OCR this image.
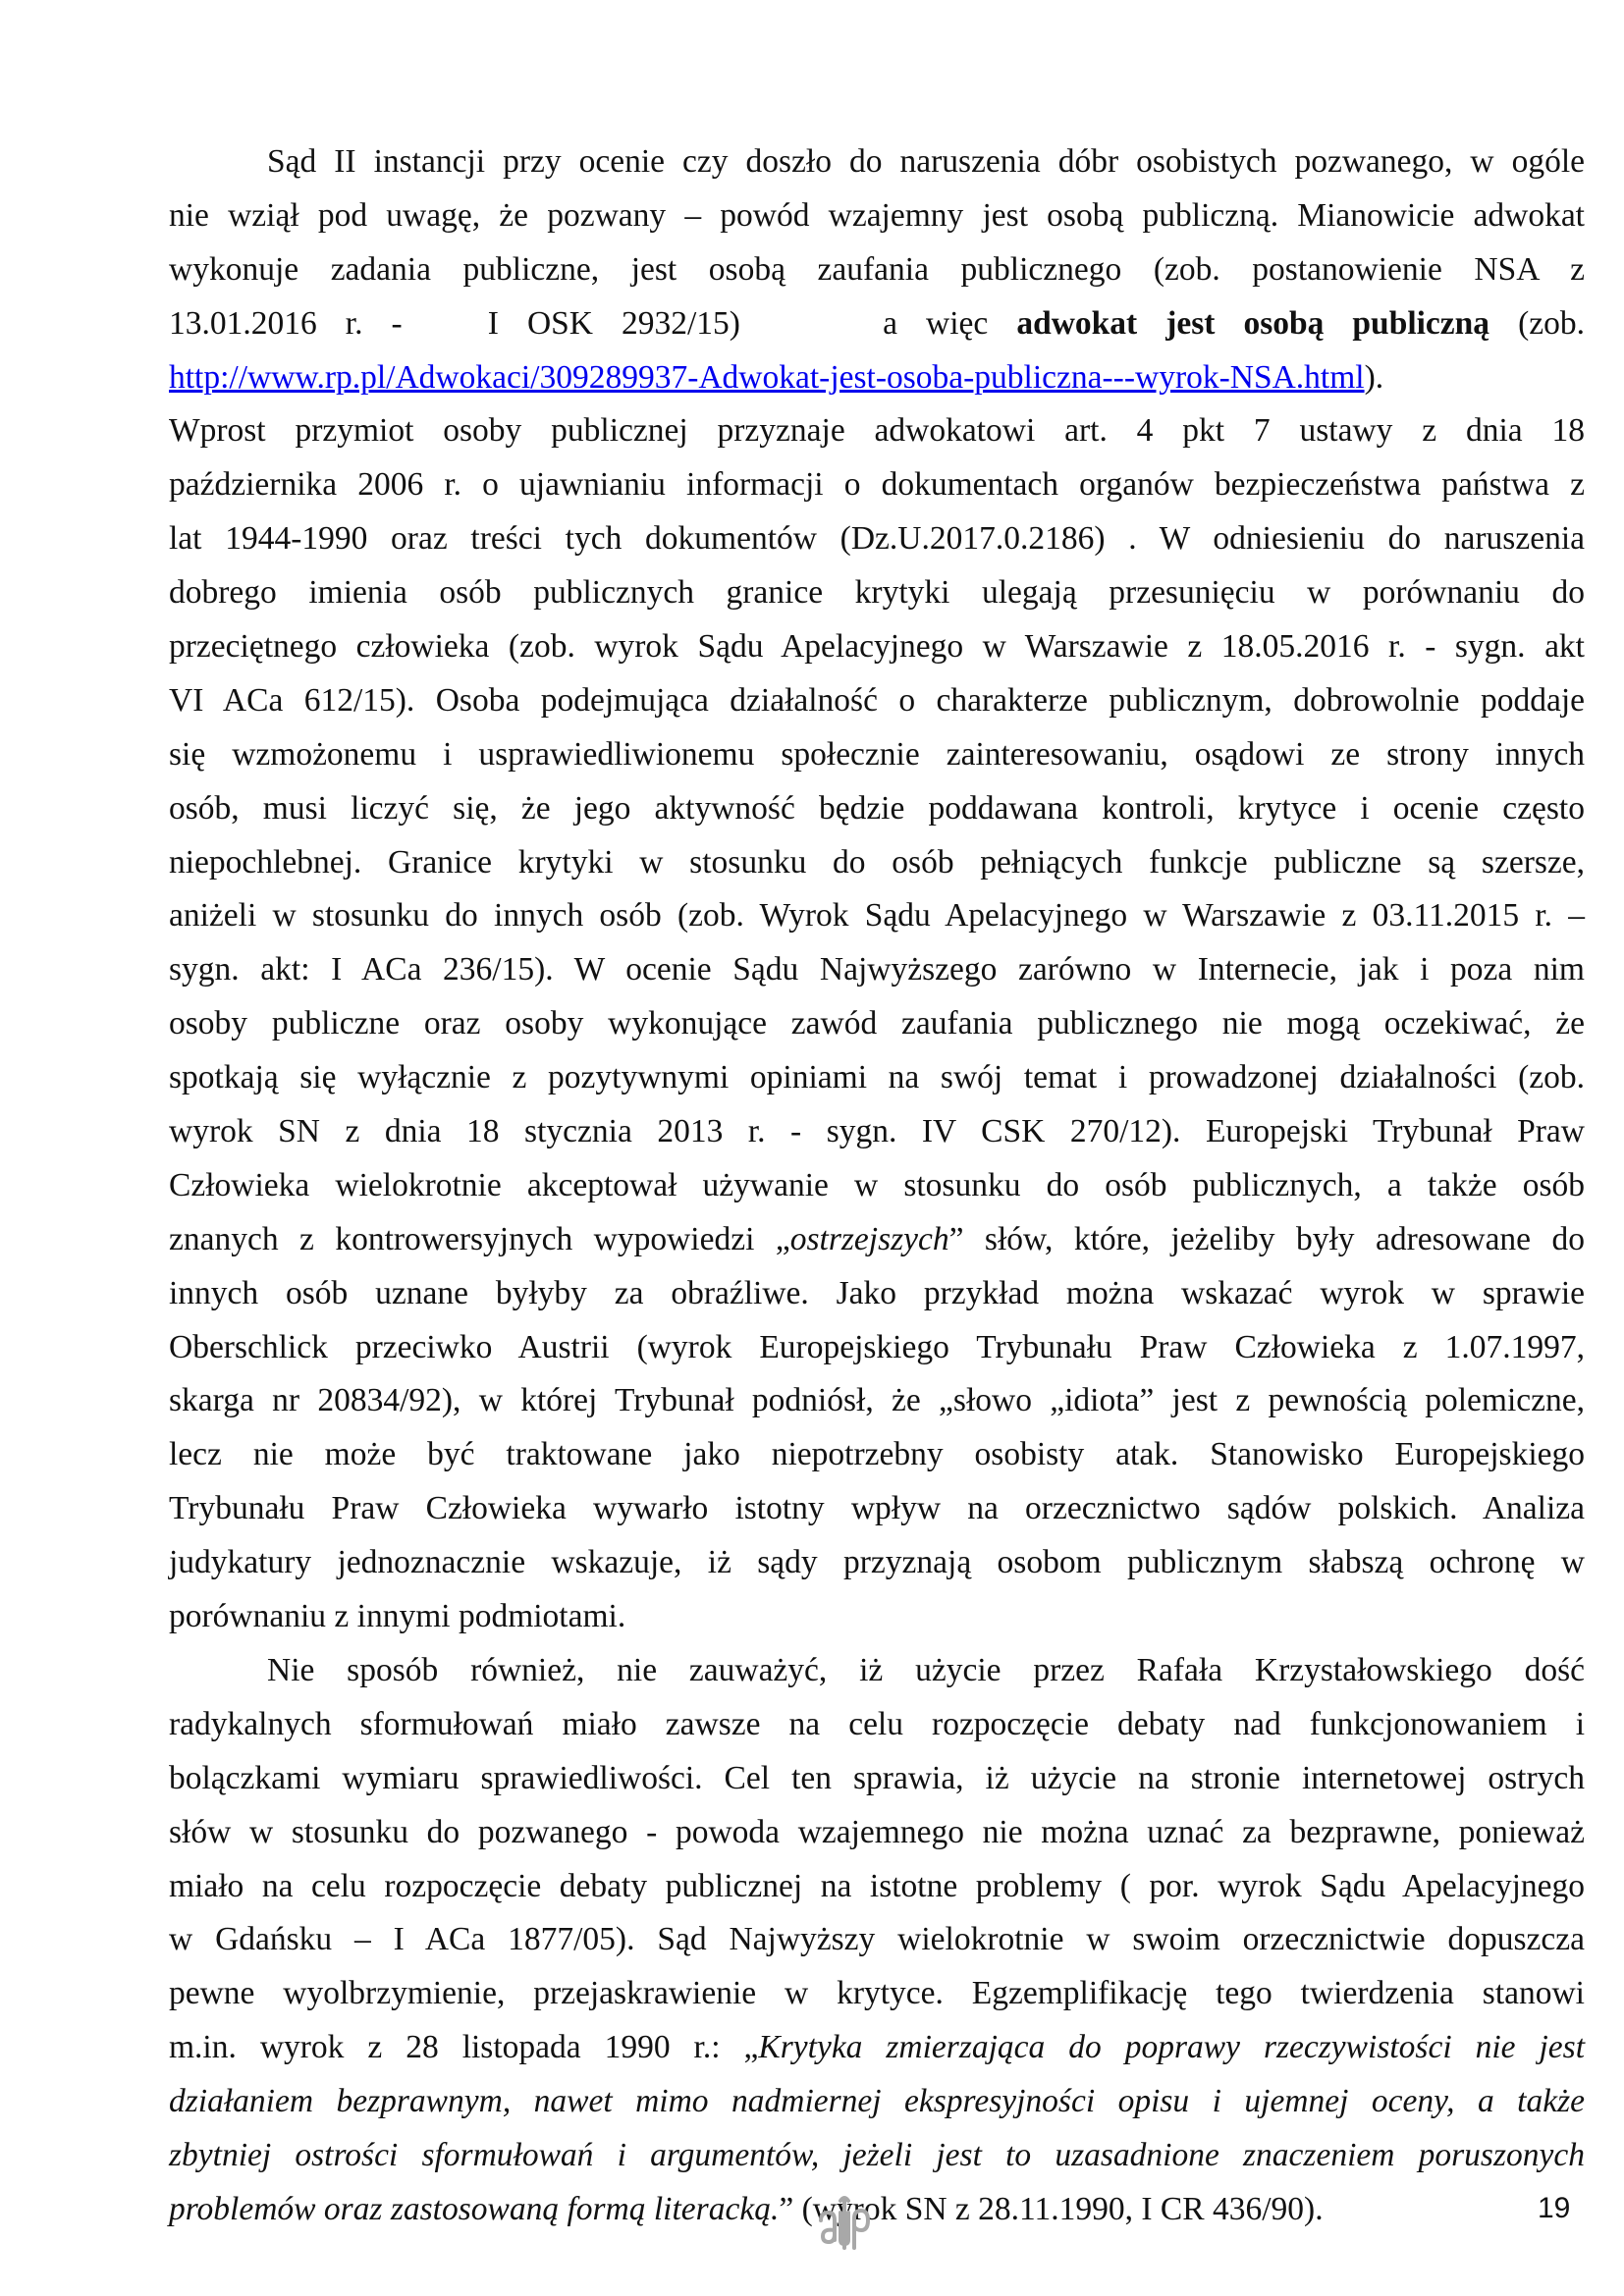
Sąd II instancji przy ocenie czy doszło do naruszenia dóbr osobistych pozwanego, w ogóle
nie wziął pod uwagę, że pozwany – powód wzajemny jest osobą publiczną. Mianowicie adwokat
wykonuje zadania publiczne, jest osobą zaufania publicznego (zob. postanowienie NSA z
13.01.2016 r. -   I OSK 2932/15)     a więc adwokat jest osobą publiczną (zob.
http://www.rp.pl/Adwokaci/309289937-Adwokat-jest-osoba-publiczna---wyrok-NSA.html).
Wprost przymiot osoby publicznej przyznaje adwokatowi art. 4 pkt 7 ustawy z dnia 18
października 2006 r. o ujawnianiu informacji o dokumentach organów bezpieczeństwa państwa z
lat 1944-1990 oraz treści tych dokumentów (Dz.U.2017.0.2186) . W odniesieniu do naruszenia
dobrego imienia osób publicznych granice krytyki ulegają przesunięciu w porównaniu do
przeciętnego człowieka (zob. wyrok Sądu Apelacyjnego w Warszawie z 18.05.2016 r. - sygn. akt
VI ACa 612/15). Osoba podejmująca działalność o charakterze publicznym, dobrowolnie poddaje
się wzmożonemu i usprawiedliwionemu społecznie zainteresowaniu, osądowi ze strony innych
osób, musi liczyć się, że jego aktywność będzie poddawana kontroli, krytyce i ocenie często
niepochlebnej. Granice krytyki w stosunku do osób pełniących funkcje publiczne są szersze,
aniżeli w stosunku do innych osób (zob. Wyrok Sądu Apelacyjnego w Warszawie z 03.11.2015 r. –
sygn. akt: I ACa 236/15). W ocenie Sądu Najwyższego zarówno w Internecie, jak i poza nim
osoby publiczne oraz osoby wykonujące zawód zaufania publicznego nie mogą oczekiwać, że
spotkają się wyłącznie z pozytywnymi opiniami na swój temat i prowadzonej działalności (zob.
wyrok SN z dnia 18 stycznia 2013 r. - sygn. IV CSK 270/12). Europejski Trybunał Praw
Człowieka wielokrotnie akceptował używanie w stosunku do osób publicznych, a także osób
znanych z kontrowersyjnych wypowiedzi „ostrzejszych” słów, które, jeżeliby były adresowane do
innych osób uznane byłyby za obraźliwe. Jako przykład można wskazać wyrok w sprawie
Oberschlick przeciwko Austrii (wyrok Europejskiego Trybunału Praw Człowieka z 1.07.1997,
skarga nr 20834/92), w której Trybunał podniósł, że „słowo „idiota” jest z pewnością polemiczne,
lecz nie może być traktowane jako niepotrzebny osobisty atak. Stanowisko Europejskiego
Trybunału Praw Człowieka wywarło istotny wpływ na orzecznictwo sądów polskich. Analiza
judykatury jednoznacznie wskazuje, iż sądy przyznają osobom publicznym słabszą ochronę w
porównaniu z innymi podmiotami.
Nie sposób również, nie zauważyć, iż użycie przez Rafała Krzystałowskiego dość
radykalnych sformułowań miało zawsze na celu rozpoczęcie debaty nad funkcjonowaniem i
bolączkami wymiaru sprawiedliwości. Cel ten sprawia, iż użycie na stronie internetowej ostrych
słów w stosunku do pozwanego - powoda wzajemnego nie można uznać za bezprawne, ponieważ
miało na celu rozpoczęcie debaty publicznej na istotne problemy ( por. wyrok Sądu Apelacyjnego
w Gdańsku – I ACa 1877/05). Sąd Najwyższy wielokrotnie w swoim orzecznictwie dopuszcza
pewne wyolbrzymienie, przejaskrawienie w krytyce. Egzemplifikację tego twierdzenia stanowi
m.in. wyrok z 28 listopada 1990 r.: „Krytyka zmierzająca do poprawy rzeczywistości nie jest
działaniem bezprawnym, nawet mimo nadmiernej ekspresyjności opisu i ujemnej oceny, a także
zbytniej ostrości sformułowań i argumentów, jeżeli jest to uzasadnione znaczeniem poruszonych
problemów oraz zastosowaną formą literacką.” (wyrok SN z 28.11.1990, I CR 436/90).	19
